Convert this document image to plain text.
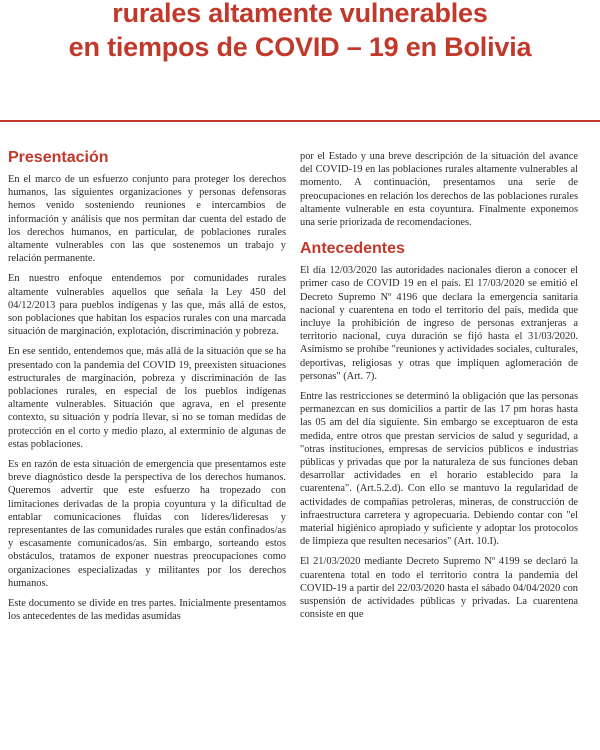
rurales altamente vulnerables
en tiempos de COVID – 19 en Bolivia
Presentación

En el marco de un esfuerzo conjunto para proteger los derechos humanos, las siguientes organizaciones y personas defensoras hemos venido sosteniendo reuniones e intercambios de información y análisis que nos permitan dar cuenta del estado de los derechos humanos, en particular, de poblaciones rurales altamente vulnerables con las que sostenemos un trabajo y relación permanente.

En nuestro enfoque entendemos por comunidades rurales altamente vulnerables aquellos que señala la Ley 450 del 04/12/2013 para pueblos indígenas y las que, más allá de estos, son poblaciones que habitan los espacios rurales con una marcada situación de marginación, explotación, discriminación y pobreza.

En ese sentido, entendemos que, más allá de la situación que se ha presentado con la pandemia del COVID 19, preexisten situaciones estructurales de marginación, pobreza y discriminación de las poblaciones rurales, en especial de los pueblos indígenas altamente vulnerables. Situación que agrava, en el presente contexto, su situación y podría llevar, si no se toman medidas de protección en el corto y medio plazo, al exterminio de algunas de estas poblaciones.

Es en razón de esta situación de emergencia que presentamos este breve diagnóstico desde la perspectiva de los derechos humanos. Queremos advertir que este esfuerzo ha tropezado con limitaciones derivadas de la propia coyuntura y la dificultad de entablar comunicaciones fluidas con líderes/lideresas y representantes de las comunidades rurales que están confinados/as y escasamente comunicados/as. Sin embargo, sorteando estos obstáculos, tratamos de exponer nuestras preocupaciones como organizaciones especializadas y militantes por los derechos humanos.

Este documento se divide en tres partes. Inicialmente presentamos los antecedentes de las medidas asumidas

por el Estado y una breve descripción de la situación del avance del COVID-19 en las poblaciones rurales altamente vulnerables al momento. A continuación, presentamos una serie de preocupaciones en relación los derechos de las poblaciones rurales altamente vulnerable en esta coyuntura. Finalmente exponemos una serie priorizada de recomendaciones.

Antecedentes

El día 12/03/2020 las autoridades nacionales dieron a conocer el primer caso de COVID 19 en el país. El 17/03/2020 se emitió el Decreto Supremo Nº 4196 que declara la emergencia sanitaria nacional y cuarentena en todo el territorio del país, medida que incluye la prohibición de ingreso de personas extranjeras a territorio nacional, cuya duración se fijó hasta el 31/03/2020. Asimismo se prohíbe "reuniones y actividades sociales, culturales, deportivas, religiosas y otras que impliquen aglomeración de personas" (Art. 7).

Entre las restricciones se determinó la obligación que las personas permanezcan en sus domicilios a partir de las 17 pm horas hasta las 05 am del día siguiente. Sin embargo se exceptuaron de esta medida, entre otros que prestan servicios de salud y seguridad, a "otras instituciones, empresas de servicios públicos e industrias públicas y privadas que por la naturaleza de sus funciones deban desarrollar actividades en el horario establecido para la cuarentena". (Art.5.2.d). Con ello se mantuvo la regularidad de actividades de compañías petroleras, mineras, de construcción de infraestructura carretera y agropecuaria. Debiendo contar con "el material higiénico apropiado y suficiente y adoptar los protocolos de limpieza que resulten necesarios" (Art. 10.I).

El 21/03/2020 mediante Decreto Supremo Nº 4199 se declaró la cuarentena total en todo el territorio contra la pandemia del COVID-19 a partir del 22/03/2020 hasta el sábado 04/04/2020 con suspensión de actividades públicas y privadas. La cuarentena consiste en que
